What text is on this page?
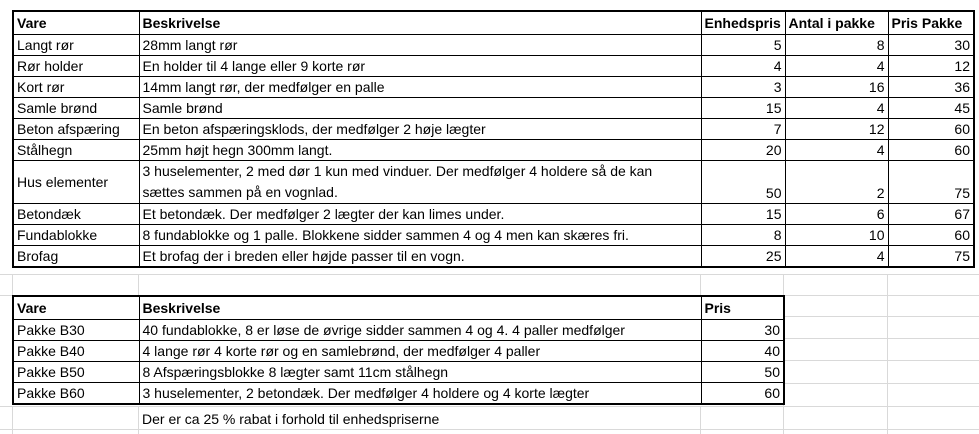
Vare	Beskrivelse	Enhedspris	Antal i pakke	Pris Pakke
Langt rør	28mm langt rør	5	8	30
Rør holder	En holder til 4 lange eller 9 korte rør	4	4	12
Kort rør	14mm langt rør, der medfølger en palle	3	16	36
Samle brønd	Samle brønd	15	4	45
Beton afspæring	En beton afspæringsklods, der medfølger 2 høje lægter	7	12	60
Stålhegn	25mm højt hegn 300mm langt.	20	4	60
Hus elementer	3 huselementer, 2 med dør 1 kun med vinduer. Der medfølger 4 holdere så de kan sættes sammen på en vognlad.	50	2	75
Betondæk	Et betondæk. Der medfølger 2 lægter der kan limes under.	15	6	67
Fundablokke	8 fundablokke og 1 palle. Blokkene sidder sammen 4 og 4 men kan skæres fri.	8	10	60
Brofag	Et brofag der i breden eller højde passer til en vogn.	25	4	75
Vare	Beskrivelse	Pris
Pakke B30	40 fundablokke, 8 er løse de øvrige sidder sammen 4 og 4. 4 paller medfølger	30
Pakke B40	4 lange rør 4 korte rør og en samlebrønd, der medfølger 4 paller	40
Pakke B50	8 Afspæringsblokke 8 lægter samt 11cm stålhegn	50
Pakke B60	3 huselementer, 2 betondæk. Der medfølger 4 holdere og 4 korte lægter	60
Der er ca 25 % rabat i forhold til enhedspriserne
